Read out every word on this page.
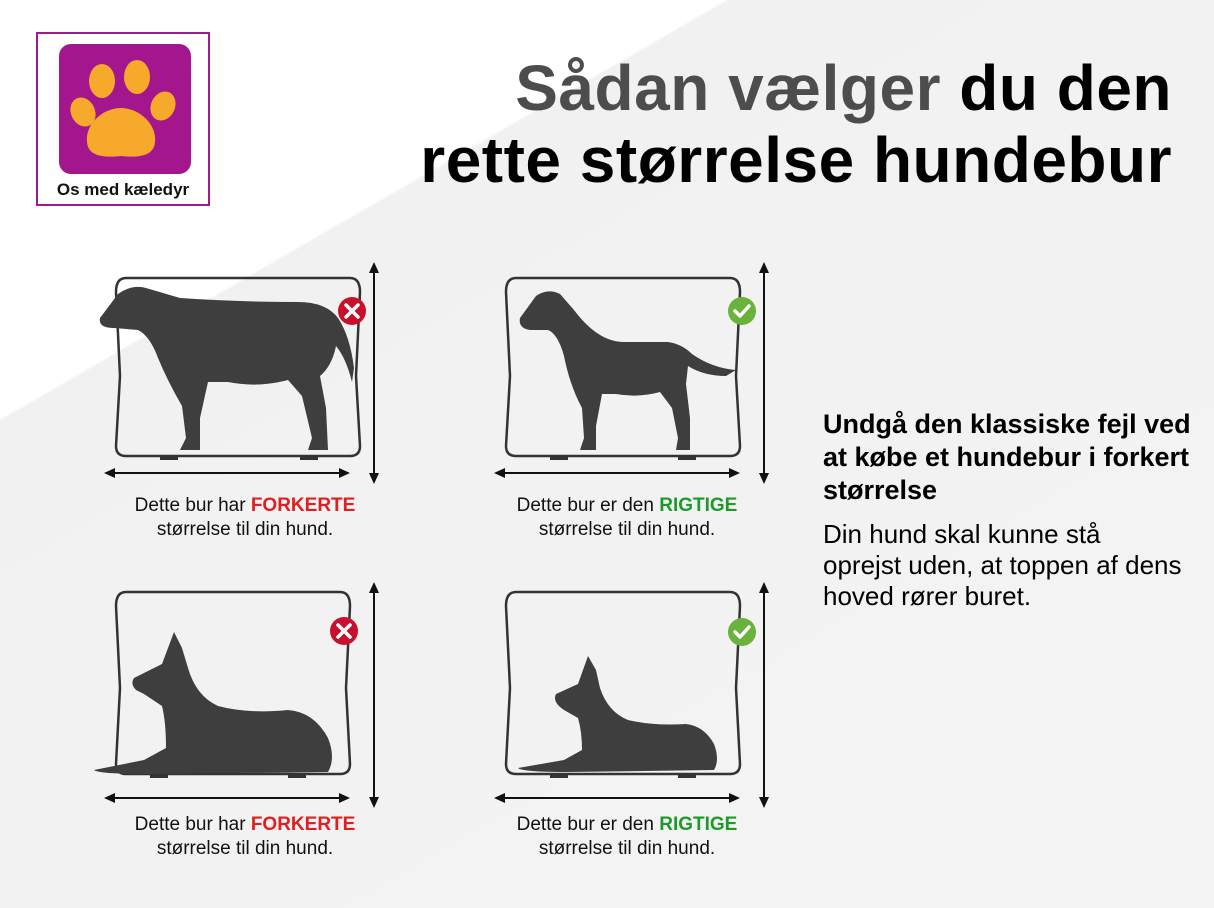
Os med kæledyr
Sådan vælger du den
rette størrelse hundebur
Dette bur har FORKERTE
størrelse til din hund.
Dette bur er den RIGTIGE
størrelse til din hund.
Dette bur har FORKERTE
størrelse til din hund.
Dette bur er den RIGTIGE
størrelse til din hund.
Undgå den klassiske fejl ved at købe et hundebur i forkert størrelse
Din hund skal kunne stå oprejst uden, at toppen af dens hoved rører buret.
